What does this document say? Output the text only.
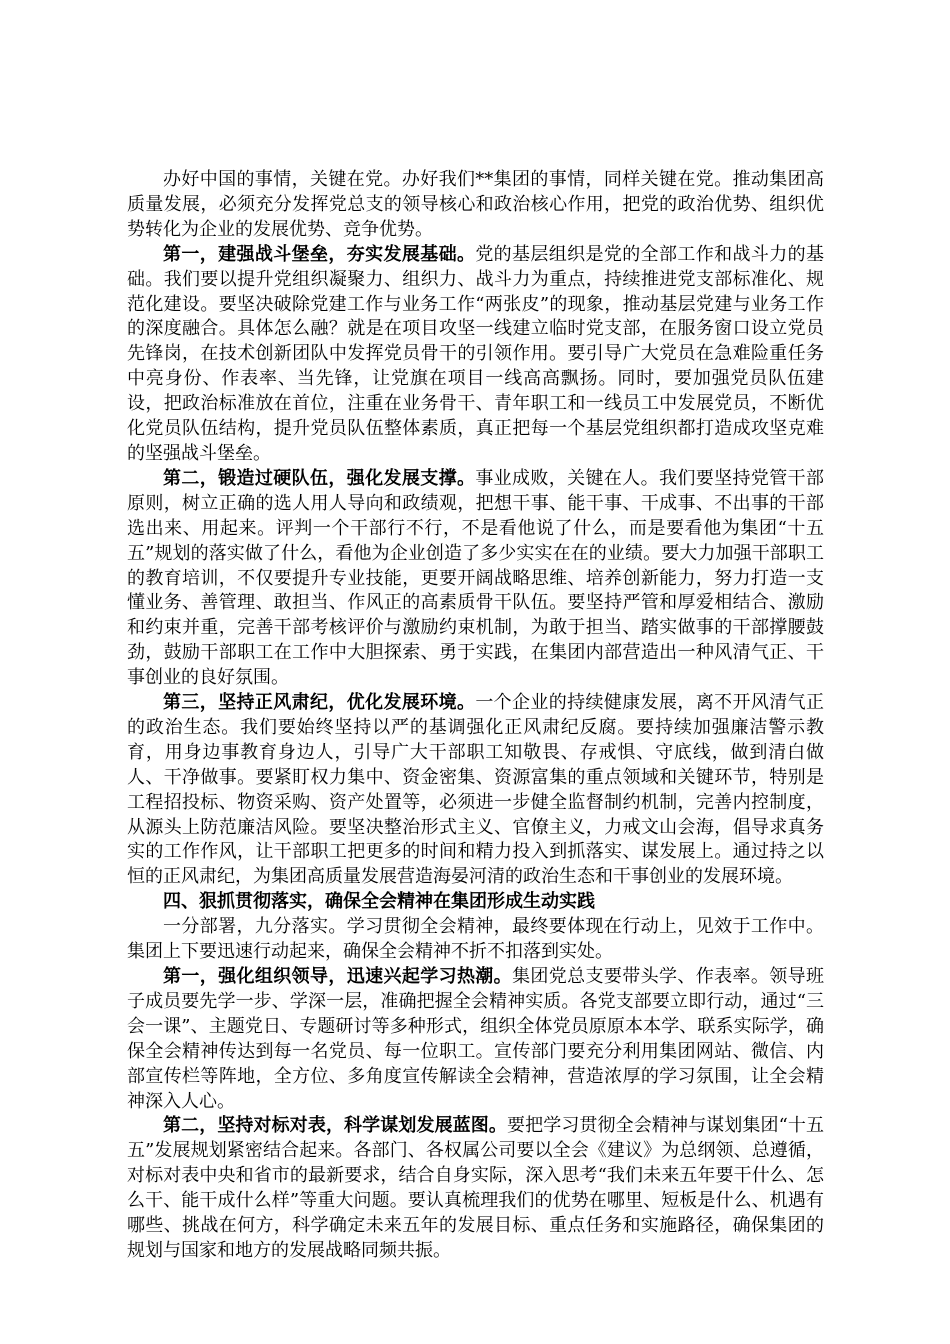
办好中国的事情，关键在党。办好我们**集团的事情，同样关键在党。推动集团高质量发展，必须充分发挥党总支的领导核心和政治核心作用，把党的政治优势、组织优势转化为企业的发展优势、竞争优势。

第一，建强战斗堡垒，夯实发展基础。党的基层组织是党的全部工作和战斗力的基础。我们要以提升党组织凝聚力、组织力、战斗力为重点，持续推进党支部标准化、规范化建设。要坚决破除党建工作与业务工作“两张皮”的现象，推动基层党建与业务工作的深度融合。具体怎么融？就是在项目攻坚一线建立临时党支部，在服务窗口设立党员先锋岗，在技术创新团队中发挥党员骨干的引领作用。要引导广大党员在急难险重任务中亮身份、作表率、当先锋，让党旗在项目一线高高飘扬。同时，要加强党员队伍建设，把政治标准放在首位，注重在业务骨干、青年职工和一线员工中发展党员，不断优化党员队伍结构，提升党员队伍整体素质，真正把每一个基层党组织都打造成攻坚克难的坚强战斗堡垒。

第二，锻造过硬队伍，强化发展支撑。事业成败，关键在人。我们要坚持党管干部原则，树立正确的选人用人导向和政绩观，把想干事、能干事、干成事、不出事的干部选出来、用起来。评判一个干部行不行，不是看他说了什么，而是要看他为集团“十五五”规划的落实做了什么，看他为企业创造了多少实实在在的业绩。要大力加强干部职工的教育培训，不仅要提升专业技能，更要开阔战略思维、培养创新能力，努力打造一支懂业务、善管理、敢担当、作风正的高素质骨干队伍。要坚持严管和厚爱相结合、激励和约束并重，完善干部考核评价与激励约束机制，为敢于担当、踏实做事的干部撑腰鼓劲，鼓励干部职工在工作中大胆探索、勇于实践，在集团内部营造出一种风清气正、干事创业的良好氛围。

第三，坚持正风肃纪，优化发展环境。一个企业的持续健康发展，离不开风清气正的政治生态。我们要始终坚持以严的基调强化正风肃纪反腐。要持续加强廉洁警示教育，用身边事教育身边人，引导广大干部职工知敬畏、存戒惧、守底线，做到清白做人、干净做事。要紧盯权力集中、资金密集、资源富集的重点领域和关键环节，特别是工程招投标、物资采购、资产处置等，必须进一步健全监督制约机制，完善内控制度，从源头上防范廉洁风险。要坚决整治形式主义、官僚主义，力戒文山会海，倡导求真务实的工作作风，让干部职工把更多的时间和精力投入到抓落实、谋发展上。通过持之以恒的正风肃纪，为集团高质量发展营造海晏河清的政治生态和干事创业的发展环境。

四、狠抓贯彻落实，确保全会精神在集团形成生动实践

一分部署，九分落实。学习贯彻全会精神，最终要体现在行动上，见效于工作中。集团上下要迅速行动起来，确保全会精神不折不扣落到实处。

第一，强化组织领导，迅速兴起学习热潮。集团党总支要带头学、作表率。领导班子成员要先学一步、学深一层，准确把握全会精神实质。各党支部要立即行动，通过“三会一课”、主题党日、专题研讨等多种形式，组织全体党员原原本本学、联系实际学，确保全会精神传达到每一名党员、每一位职工。宣传部门要充分利用集团网站、微信、内部宣传栏等阵地，全方位、多角度宣传解读全会精神，营造浓厚的学习氛围，让全会精神深入人心。

第二，坚持对标对表，科学谋划发展蓝图。要把学习贯彻全会精神与谋划集团“十五五”发展规划紧密结合起来。各部门、各权属公司要以全会《建议》为总纲领、总遵循，对标对表中央和省市的最新要求，结合自身实际，深入思考“我们未来五年要干什么、怎么干、能干成什么样”等重大问题。要认真梳理我们的优势在哪里、短板是什么、机遇有哪些、挑战在何方，科学确定未来五年的发展目标、重点任务和实施路径，确保集团的规划与国家和地方的发展战略同频共振。
